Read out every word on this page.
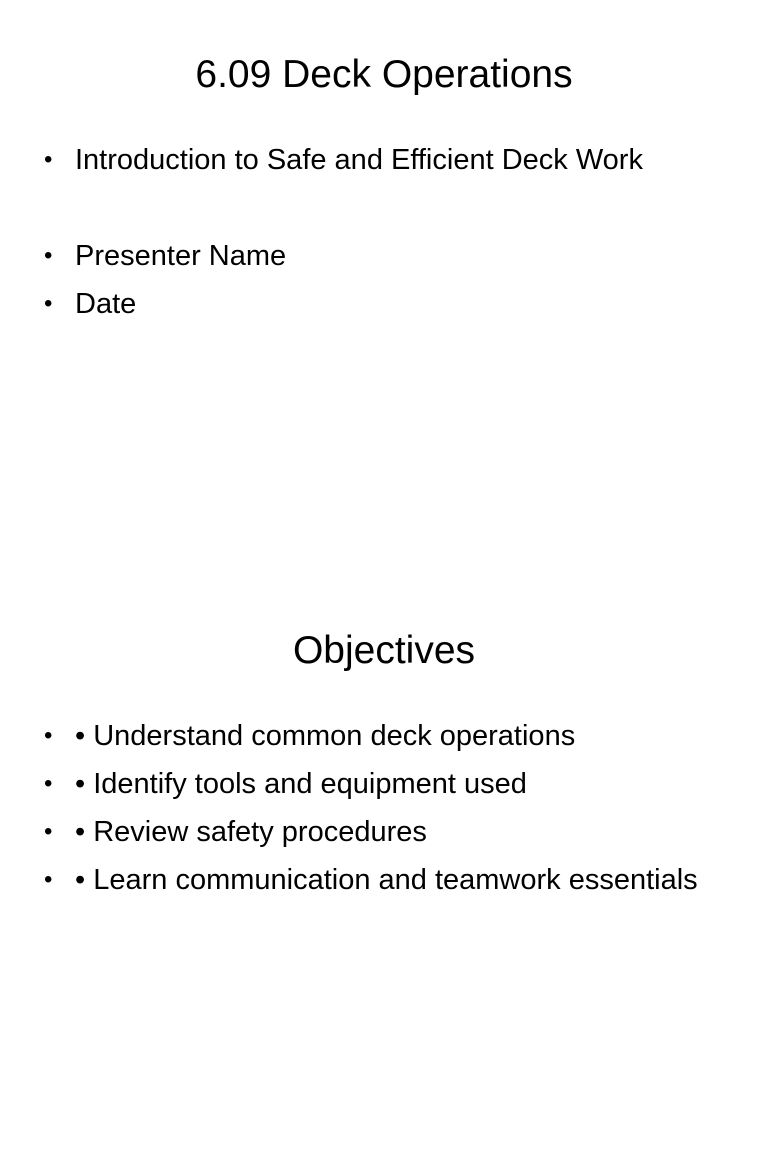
6.09 Deck Operations
• Introduction to Safe and Efficient Deck Work
• Presenter Name
• Date
Objectives
• • Understand common deck operations
• • Identify tools and equipment used
• • Review safety procedures
• • Learn communication and teamwork essentials
